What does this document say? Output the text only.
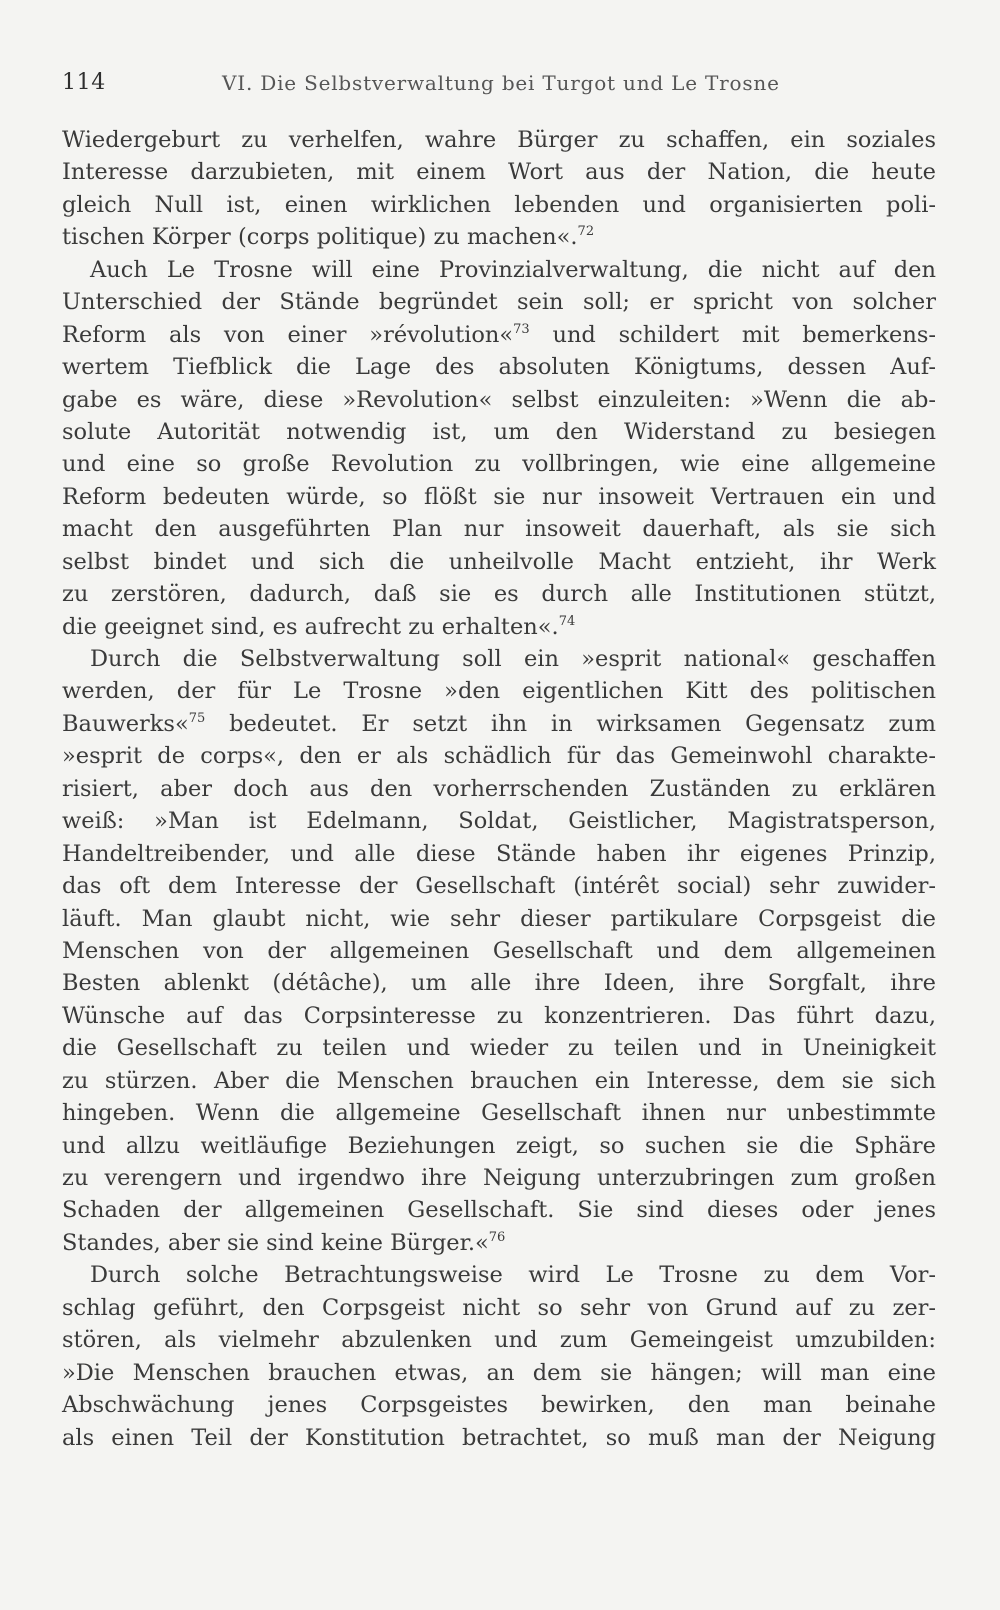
114	VI. Die Selbstverwaltung bei Turgot und Le Trosne
Wiedergeburt zu verhelfen, wahre Bürger zu schaffen, ein soziales
Interesse darzubieten, mit einem Wort aus der Nation, die heute
gleich Null ist, einen wirklichen lebenden und organisierten poli-
tischen Körper (corps politique) zu machen«.$^{72}$
Auch Le Trosne will eine Provinzialverwaltung, die nicht auf den
Unterschied der Stände begründet sein soll; er spricht von solcher
Reform als von einer »révolution«$^{73}$ und schildert mit bemerkens-
wertem Tiefblick die Lage des absoluten Königtums, dessen Auf-
gabe es wäre, diese »Revolution« selbst einzuleiten: »Wenn die ab-
solute Autorität notwendig ist, um den Widerstand zu besiegen
und eine so große Revolution zu vollbringen, wie eine allgemeine
Reform bedeuten würde, so flößt sie nur insoweit Vertrauen ein und
macht den ausgeführten Plan nur insoweit dauerhaft, als sie sich
selbst bindet und sich die unheilvolle Macht entzieht, ihr Werk
zu zerstören, dadurch, daß sie es durch alle Institutionen stützt,
die geeignet sind, es aufrecht zu erhalten«.$^{74}$
Durch die Selbstverwaltung soll ein »esprit national« geschaffen
werden, der für Le Trosne »den eigentlichen Kitt des politischen
Bauwerks«$^{75}$ bedeutet. Er setzt ihn in wirksamen Gegensatz zum
»esprit de corps«, den er als schädlich für das Gemeinwohl charakte-
risiert, aber doch aus den vorherrschenden Zuständen zu erklären
weiß: »Man ist Edelmann, Soldat, Geistlicher, Magistratsperson,
Handeltreibender, und alle diese Stände haben ihr eigenes Prinzip,
das oft dem Interesse der Gesellschaft (intérêt social) sehr zuwider-
läuft. Man glaubt nicht, wie sehr dieser partikulare Corpsgeist die
Menschen von der allgemeinen Gesellschaft und dem allgemeinen
Besten ablenkt (détâche), um alle ihre Ideen, ihre Sorgfalt, ihre
Wünsche auf das Corpsinteresse zu konzentrieren. Das führt dazu,
die Gesellschaft zu teilen und wieder zu teilen und in Uneinigkeit
zu stürzen. Aber die Menschen brauchen ein Interesse, dem sie sich
hingeben. Wenn die allgemeine Gesellschaft ihnen nur unbestimmte
und allzu weitläufige Beziehungen zeigt, so suchen sie die Sphäre
zu verengern und irgendwo ihre Neigung unterzubringen zum großen
Schaden der allgemeinen Gesellschaft. Sie sind dieses oder jenes
Standes, aber sie sind keine Bürger.«$^{76}$
Durch solche Betrachtungsweise wird Le Trosne zu dem Vor-
schlag geführt, den Corpsgeist nicht so sehr von Grund auf zu zer-
stören, als vielmehr abzulenken und zum Gemeingeist umzubilden:
»Die Menschen brauchen etwas, an dem sie hängen; will man eine
Abschwächung jenes Corpsgeistes bewirken, den man beinahe
als einen Teil der Konstitution betrachtet, so muß man der Neigung
